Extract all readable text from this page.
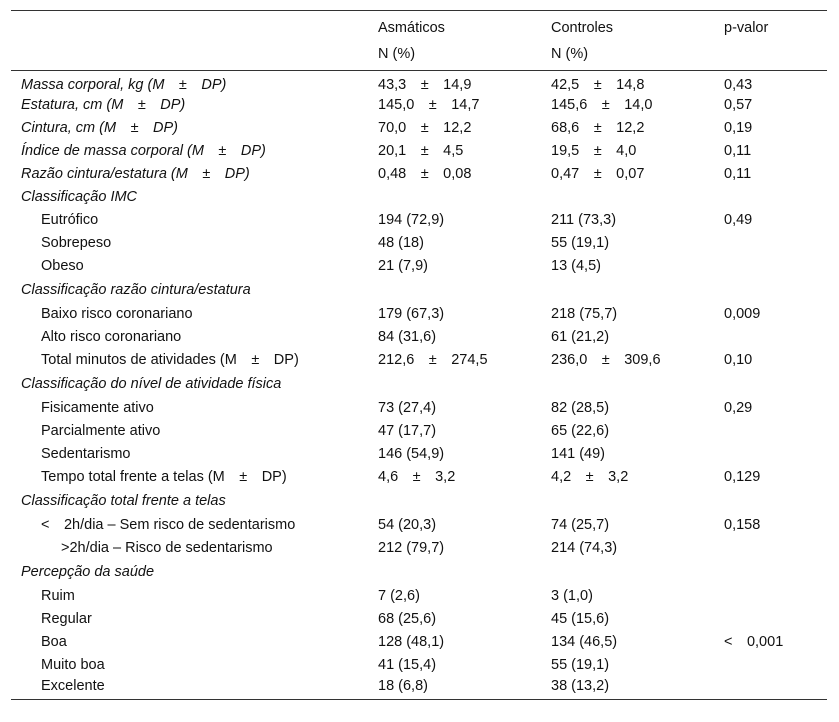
	Asmáticos	Controles	p-valor
	N (%)	N (%)	
Massa corporal, kg (M ± DP)	43,3 ± 14,9	42,5 ± 14,8	0,43
Estatura, cm (M ± DP)	145,0 ± 14,7	145,6 ± 14,0	0,57
Cintura, cm (M ± DP)	70,0 ± 12,2	68,6 ± 12,2	0,19
Índice de massa corporal (M ± DP)	20,1 ± 4,5	19,5 ± 4,0	0,11
Razão cintura/estatura (M ± DP)	0,48 ± 0,08	0,47 ± 0,07	0,11
Classificação IMC			
Eutrófico	194 (72,9)	211 (73,3)	0,49
Sobrepeso	48 (18)	55 (19,1)	
Obeso	21 (7,9)	13 (4,5)	
Classificação razão cintura/estatura			
Baixo risco coronariano	179 (67,3)	218 (75,7)	0,009
Alto risco coronariano	84 (31,6)	61 (21,2)	
Total minutos de atividades (M ± DP)	212,6 ± 274,5	236,0 ± 309,6	0,10
Classificação do nível de atividade física			
Fisicamente ativo	73 (27,4)	82 (28,5)	0,29
Parcialmente ativo	47 (17,7)	65 (22,6)	
Sedentarismo	146 (54,9)	141 (49)	
Tempo total frente a telas (M ± DP)	4,6 ± 3,2	4,2 ± 3,2	0,129
Classificação total frente a telas			
< 2h/dia – Sem risco de sedentarismo	54 (20,3)	74 (25,7)	0,158
>2h/dia – Risco de sedentarismo	212 (79,7)	214 (74,3)	
Percepção da saúde			
Ruim	7 (2,6)	3 (1,0)	
Regular	68 (25,6)	45 (15,6)	
Boa	128 (48,1)	134 (46,5)	< 0,001
Muito boa	41 (15,4)	55 (19,1)	
Excelente	18 (6,8)	38 (13,2)	
